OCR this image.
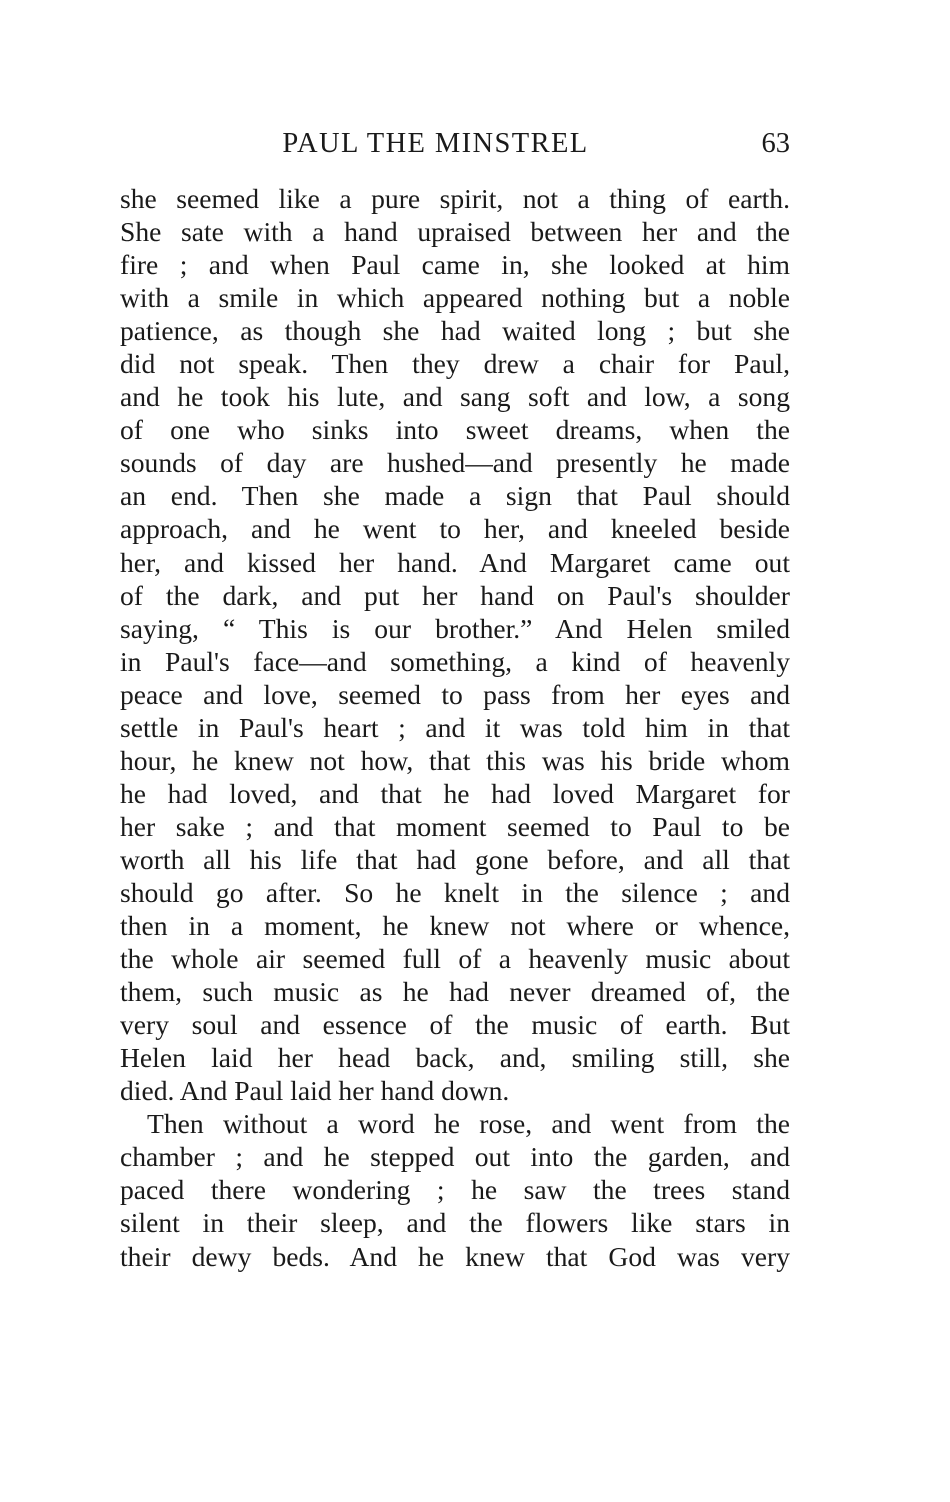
PAUL THE MINSTREL	63

she seemed like a pure spirit, not a thing of earth.
She sate with a hand upraised between her and the
fire ; and when Paul came in, she looked at him
with a smile in which appeared nothing but a noble
patience, as though she had waited long ; but she
did not speak. Then they drew a chair for Paul,
and he took his lute, and sang soft and low, a song
of one who sinks into sweet dreams, when the
sounds of day are hushed—and presently he made
an end. Then she made a sign that Paul should
approach, and he went to her, and kneeled beside
her, and kissed her hand. And Margaret came out
of the dark, and put her hand on Paul's shoulder
saying, “ This is our brother.” And Helen smiled
in Paul's face—and something, a kind of heavenly
peace and love, seemed to pass from her eyes and
settle in Paul's heart ; and it was told him in that
hour, he knew not how, that this was his bride whom
he had loved, and that he had loved Margaret for
her sake ; and that moment seemed to Paul to be
worth all his life that had gone before, and all that
should go after. So he knelt in the silence ; and
then in a moment, he knew not where or whence,
the whole air seemed full of a heavenly music about
them, such music as he had never dreamed of, the
very soul and essence of the music of earth. But
Helen laid her head back, and, smiling still, she
died. And Paul laid her hand down.

Then without a word he rose, and went from the
chamber ; and he stepped out into the garden, and
paced there wondering ; he saw the trees stand
silent in their sleep, and the flowers like stars in
their dewy beds. And he knew that God was very
